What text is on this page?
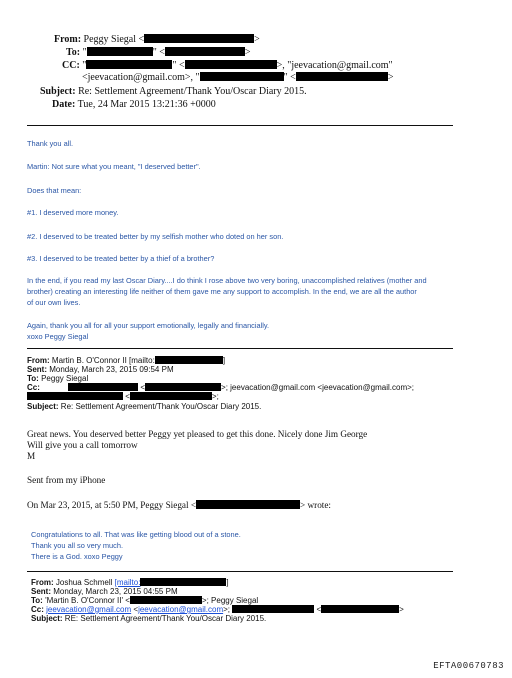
From: Peggy Siegal <	>
To: "	" <	>
CC: "	" <	>, "jeevacation@gmail.com"
<jeevacation@gmail.com>, "	" <	>
Subject: Re: Settlement Agreement/Thank You/Oscar Diary 2015.
Date: Tue, 24 Mar 2015 13:21:36 +0000
Thank you all.
Martin: Not sure what you meant, "I deserved better".
Does that mean:
#1. I deserved more money.
#2. I deserved to be treated better by my selfish mother who doted on her son.
#3. I deserved to be treated better by a thief of a brother?
In the end, if you read my last Oscar Diary....I do think I rose above two very boring, unaccomplished relatives (mother and
brother) creating an interesting life neither of them gave me any support to accomplish. In the end, we are all the author
of our own lives.
Again, thank you all for all your support emotionally, legally and financially.
xoxo Peggy Siegal
From: Martin B. O'Connor II [mailto:	]
Sent: Monday, March 23, 2015 09:54 PM
To: Peggy Siegal
Cc:	<	>; jeevacation@gmail.com <jeevacation@gmail.com>;
<	>;
Subject: Re: Settlement Agreement/Thank You/Oscar Diary 2015.
Great news. You deserved better Peggy yet pleased to get this done. Nicely done Jim George
Will give you a call tomorrow
M
Sent from my iPhone
On Mar 23, 2015, at 5:50 PM, Peggy Siegal <	> wrote:
Congratulations to all. That was like getting blood out of a stone.
Thank you all so very much.
There is a God. xoxo Peggy
From: Joshua Schmell [mailto:	]
Sent: Monday, March 23, 2015 04:55 PM
To: 'Martin B. O'Connor II' <	>; Peggy Siegal
Cc: jeevacation@gmail.com <jeevacation@gmail.com>;	<	>
Subject: RE: Settlement Agreement/Thank You/Oscar Diary 2015.
EFTA00670783
